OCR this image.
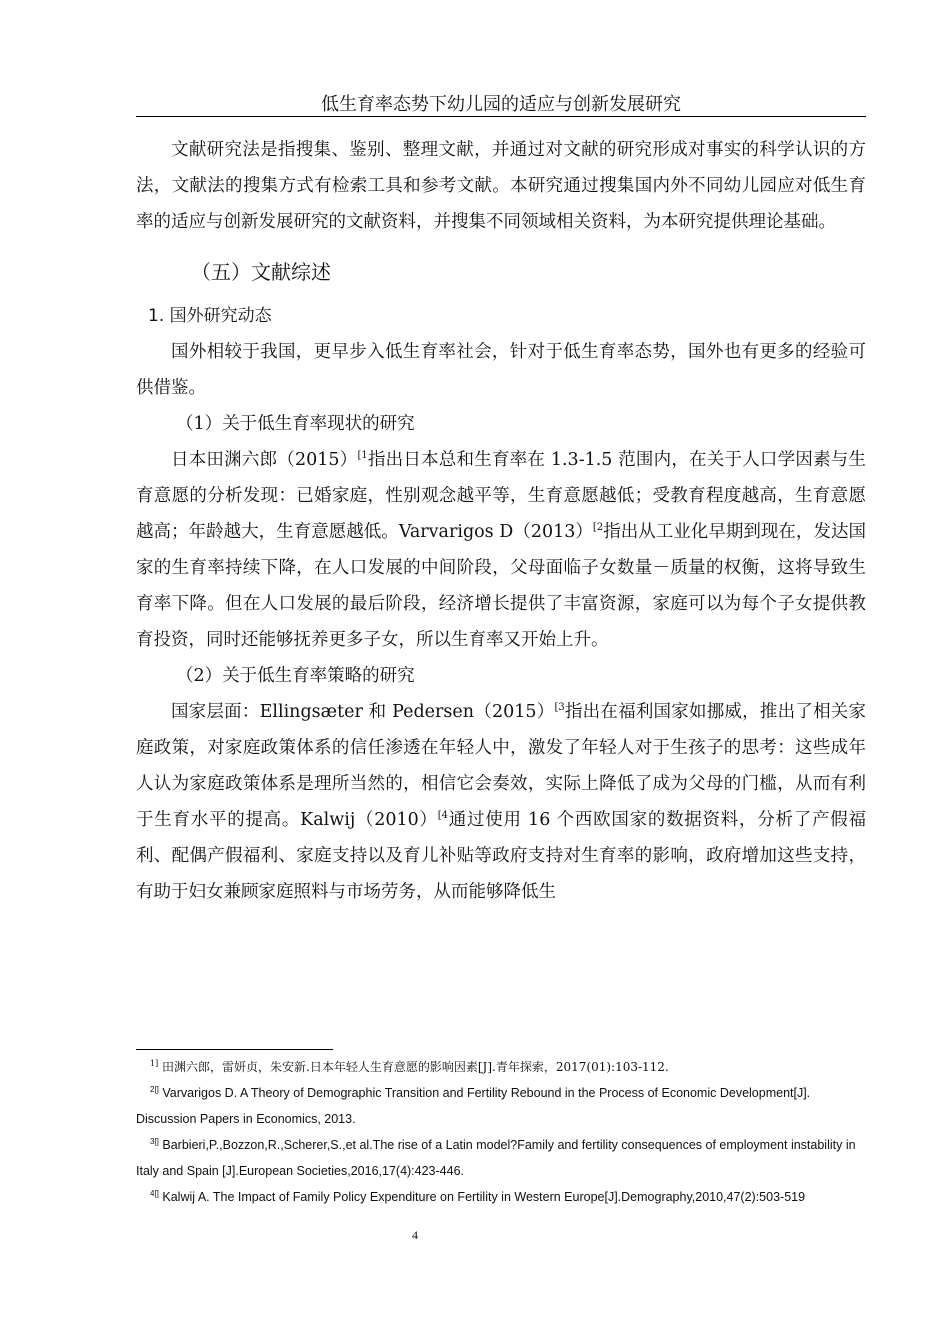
低生育率态势下幼儿园的适应与创新发展研究

文献研究法是指搜集、鉴别、整理文献，并通过对文献的研究形成对事实的科学认识的方法，文献法的搜集方式有检索工具和参考文献。本研究通过搜集国内外不同幼儿园应对低生育率的适应与创新发展研究的文献资料，并搜集不同领域相关资料，为本研究提供理论基础。

（五）文献综述

1. 国外研究动态

国外相较于我国，更早步入低生育率社会，针对于低生育率态势，国外也有更多的经验可供借鉴。

（1）关于低生育率现状的研究

日本田渊六郎$(2015)^{[1}$指出日本总和生育率在 1.3-1.5 范围内，在关于人口学因素与生育意愿的分析发现：已婚家庭，性别观念越平等，生育意愿越低；受教育程度越高，生育意愿越高；年龄越大，生育意愿越低。Varvarigos $D(2013)^{[2}$指出从工业化早期到现在，发达国家的生育率持续下降，在人口发展的中间阶段，父母面临子女数量－质量的权衡，这将导致生育率下降。但在人口发展的最后阶段，经济增长提供了丰富资源，家庭可以为每个子女提供教育投资，同时还能够抚养更多子女，所以生育率又开始上升。

（2）关于低生育率策略的研究

国家层面：Ellingsæter 和 $Pedersen(2015)^{[3}$指出在福利国家如挪威，推出了相关家庭政策，对家庭政策体系的信任渗透在年轻人中，激发了年轻人对于生孩子的思考：这些成年人认为家庭政策体系是理所当然的，相信它会奏效，实际上降低了成为父母的门槛，从而有利于生育水平的提高。$Kalwij(2010)^{[4}$通过使用 16 个西欧国家的数据资料，分析了产假福利、配偶产假福利、家庭支持以及育儿补贴等政府支持对生育率的影响，政府增加这些支持，有助于妇女兼顾家庭照料与市场劳务，从而能够降低生

$^{1]}$ 田渊六郎，雷妍贞，朱安新.日本年轻人生育意愿的影响因素[J].青年探索，2017(01):103-112.

$^{2[]}$ Varvarigos D. A Theory of Demographic Transition and Fertility Rebound in the Process of Economic Development[J]. Discussion Papers in Economics, 2013.

$^{3[]}$ Barbieri,P.,Bozzon,R.,Scherer,S.,et al.The rise of a Latin model?Family and fertility consequences of employment instability in Italy and Spain [J].European Societies,2016,17(4):423-446.

$^{4[]}$ Kalwij A. The Impact of Family Policy Expenditure on Fertility in Western Europe[J].Demography,2010,47(2):503-519

4
